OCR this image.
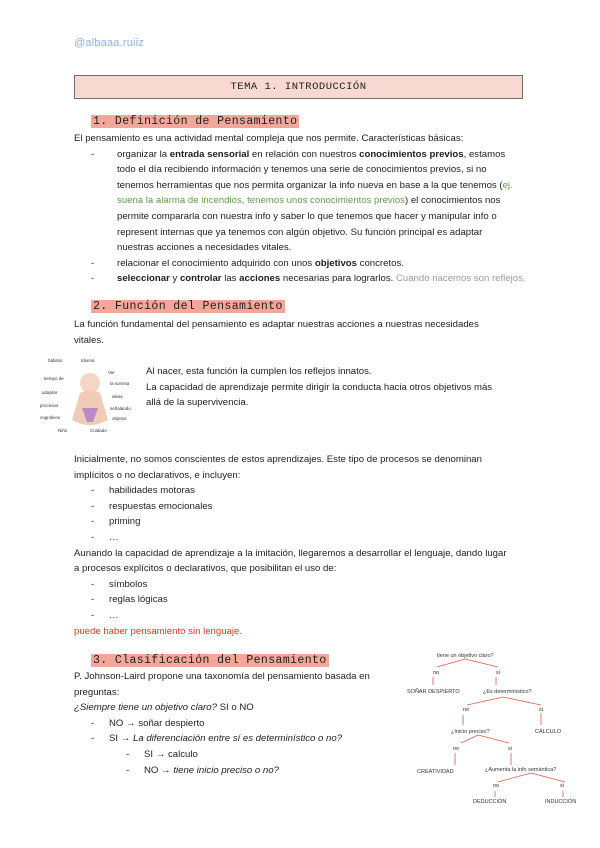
@albaaa.ruiiz
TEMA 1. INTRODUCCIÓN
1. Definición de Pensamiento
El pensamiento es una actividad mental compleja que nos permite. Características básicas:
- organizar la entrada sensorial en relación con nuestros conocimientos previos, estamos
todo el día recibiendo información y tenemos una serie de conocimientos previos, si no
tenemos herramientas que nos permita organizar la info nueva en base a la que tenemos (ej.
suena la alarma de incendios, tenemos unos conocimientos previos) el conocimientos nos
permite compararla con nuestra info y saber lo que tenemos que hacer y manipular info o
represent internas que ya tenemos con algún objetivo. Su función principal es adaptar
nuestras acciones a necesidades vitales.
- relacionar el conocimiento adquirido con unos objetivos concretos.
- seleccionar y controlar las acciones necesarias para lograrlos. Cuando nacemos son reflejos.
2. Función del Pensamiento
La función fundamental del pensamiento es adaptar nuestras acciones a nuestras necesidades
vitales.
Idioma
hábitos
tiempo de
adaptar
procesos
cognitivos
Niño
Ver
la sonrisa
ideas
señalando
objetos
Cuidado
Al nacer, esta función la cumplen los reflejos innatos.
La capacidad de aprendizaje permite dirigir la conducta hacia otros objetivos más
allá de la supervivencia.
Inicialmente, no somos conscientes de estos aprendizajes. Este tipo de procesos se denominan
implícitos o no declarativos, e incluyen:
- habilidades motoras
- respuestas emocionales
- priming
- …
Aunando la capacidad de aprendizaje a la imitación, llegaremos a desarrollar el lenguaje, dando lugar
a procesos explícitos o declarativos, que posibilitan el uso de:
- símbolos
- reglas lógicas
- …
puede haber pensamiento sin lenguaje.
3. Clasificación del Pensamiento
P. Johnson-Laird propone una taxonomía del pensamiento basada en
preguntas:
¿Siempre tiene un objetivo claro? SI o NO
- NO → soñar despierto
- SI → La diferenciación entre sí es determinístico o no?
- SI → calculo
- NO → tiene inicio preciso o no?
tiene un objetivo claro?
no	si
SOÑAR DESPIERTO	¿Es determinístico?
no	si
¿Inicio preciso?	CÁLCULO
no	si
CREATIVIDAD	¿Aumenta la info semántica?
no	si
DEDUCCIÓN	INDUCCIÓN
